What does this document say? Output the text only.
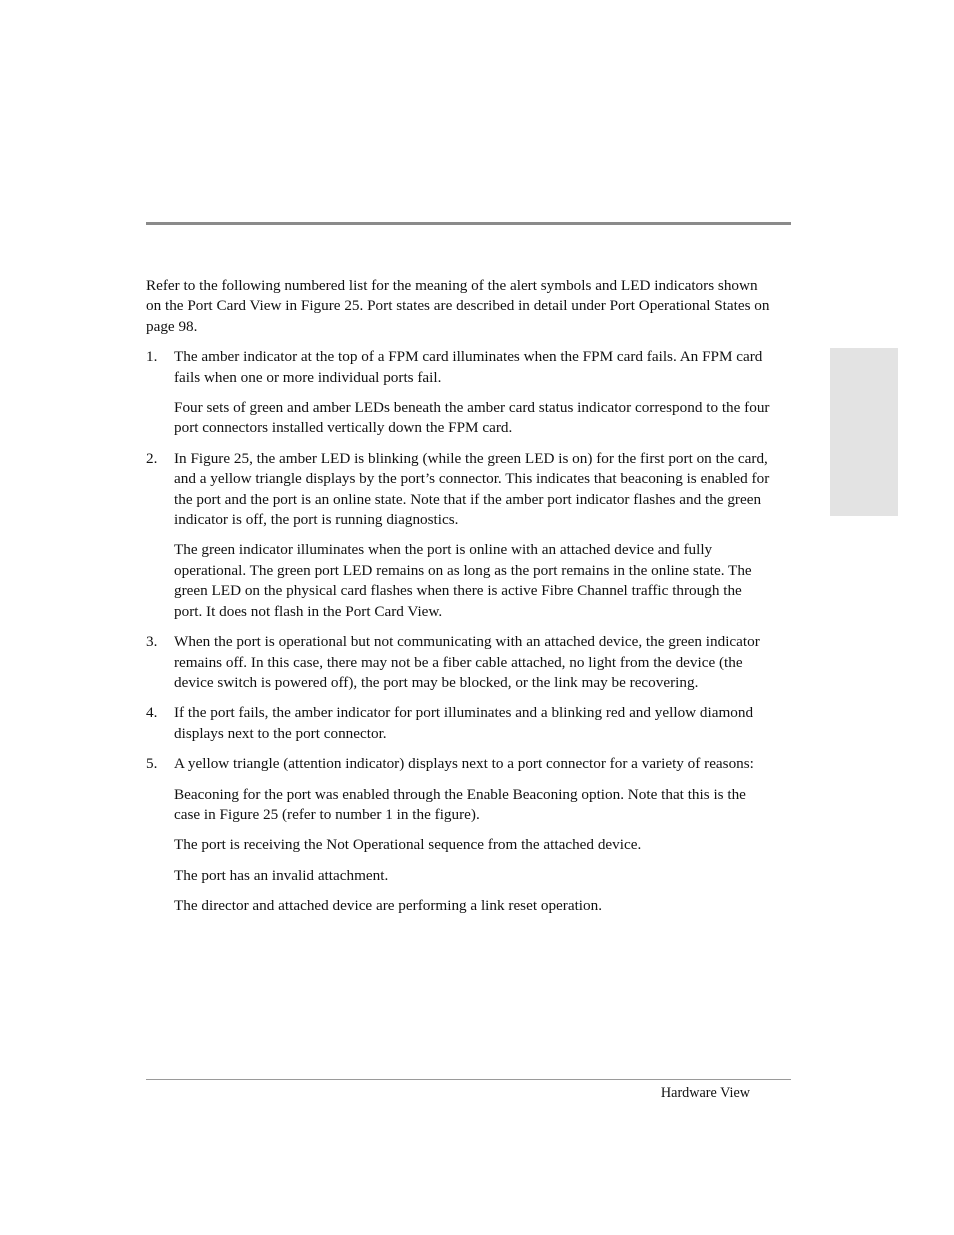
Refer to the following numbered list for the meaning of the alert symbols and LED indicators shown on the Port Card View in Figure 25. Port states are described in detail under Port Operational States on page 98.

1. The amber indicator at the top of a FPM card illuminates when the FPM card fails. An FPM card fails when one or more individual ports fail.

Four sets of green and amber LEDs beneath the amber card status indicator correspond to the four port connectors installed vertically down the FPM card.

2. In Figure 25, the amber LED is blinking (while the green LED is on) for the first port on the card, and a yellow triangle displays by the port’s connector. This indicates that beaconing is enabled for the port and the port is an online state. Note that if the amber port indicator flashes and the green indicator is off, the port is running diagnostics.

The green indicator illuminates when the port is online with an attached device and fully operational. The green port LED remains on as long as the port remains in the online state. The green LED on the physical card flashes when there is active Fibre Channel traffic through the port. It does not flash in the Port Card View.

3. When the port is operational but not communicating with an attached device, the green indicator remains off. In this case, there may not be a fiber cable attached, no light from the device (the device switch is powered off), the port may be blocked, or the link may be recovering.

4. If the port fails, the amber indicator for port illuminates and a blinking red and yellow diamond displays next to the port connector.

5. A yellow triangle (attention indicator) displays next to a port connector for a variety of reasons:

Beaconing for the port was enabled through the Enable Beaconing option. Note that this is the case in Figure 25 (refer to number 1 in the figure).

The port is receiving the Not Operational sequence from the attached device.

The port has an invalid attachment.

The director and attached device are performing a link reset operation.

Hardware View
